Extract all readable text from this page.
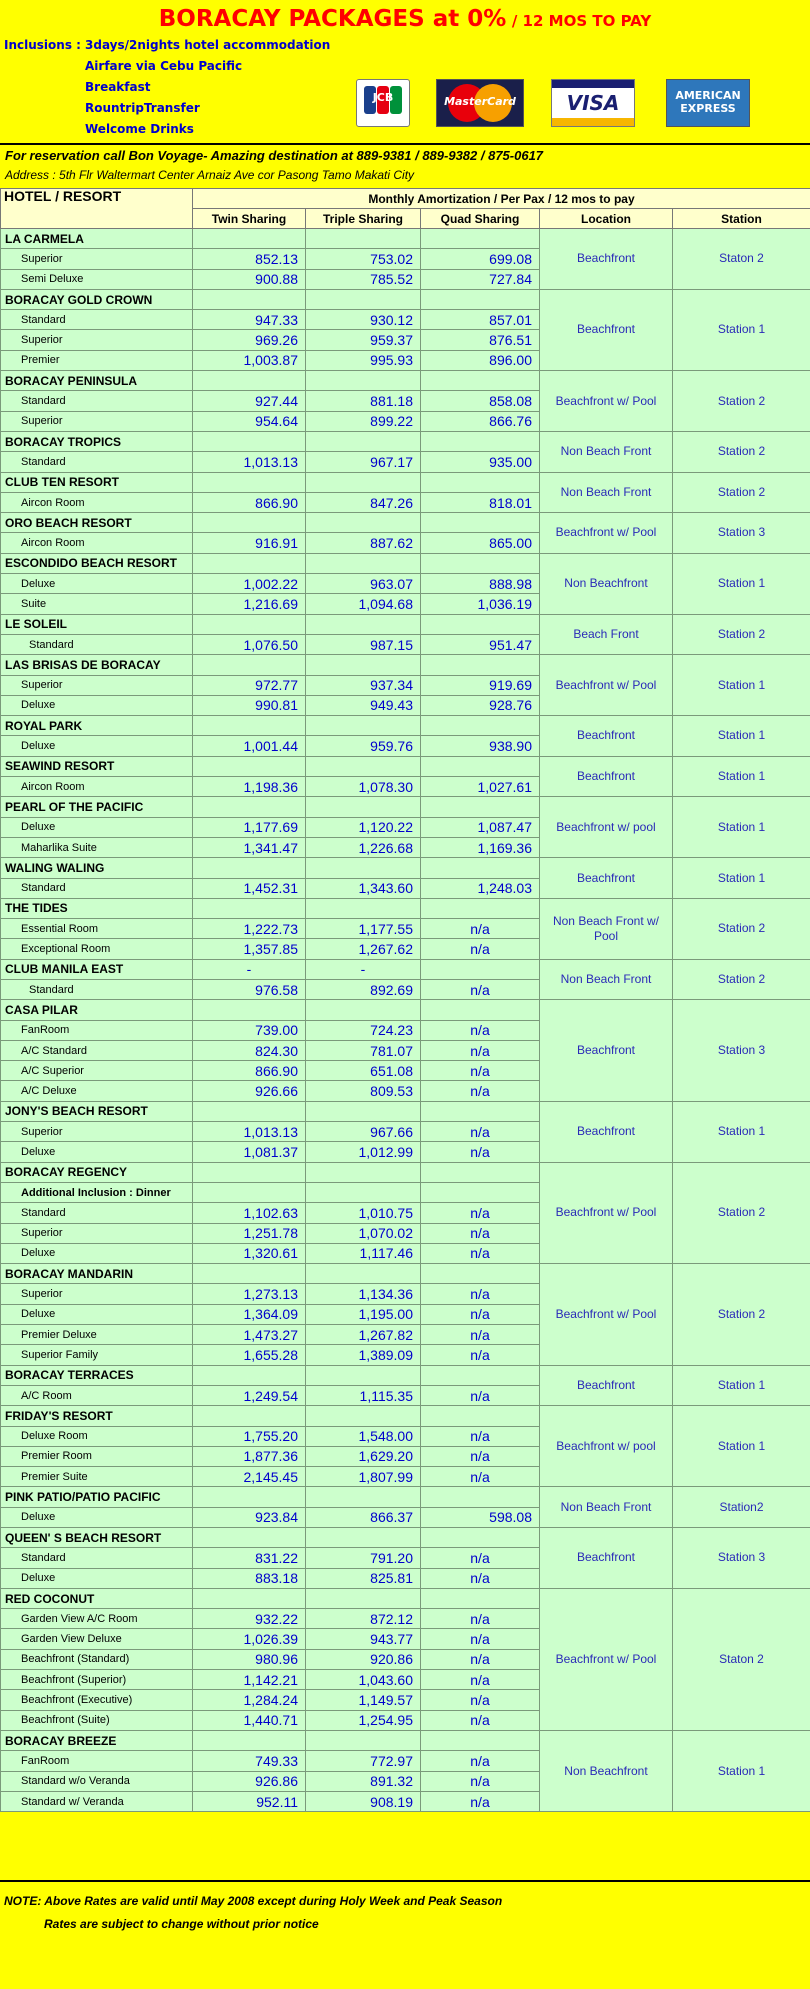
BORACAY PACKAGES at 0% / 12 MOS TO PAY
Inclusions : 3days/2nights hotel accommodation
Airfare via Cebu Pacific
Breakfast
RountripTransfer
Welcome Drinks
JCB	MasterCard	VISA	AMERICAN EXPRESS
For reservation call Bon Voyage- Amazing destination at 889-9381 / 889-9382 / 875-0617
Address : 5th Flr Waltermart Center Arnaiz Ave cor Pasong Tamo Makati City
HOTEL / RESORT	Monthly Amortization / Per Pax / 12 mos to pay				
	Twin Sharing	Triple Sharing	Quad Sharing	Location	Station
LA CARMELA				Beachfront	Staton 2
Superior	852.13	753.02	699.08		
Semi Deluxe	900.88	785.52	727.84		
BORACAY GOLD CROWN				Beachfront	Station 1
Standard	947.33	930.12	857.01		
Superior	969.26	959.37	876.51		
Premier	1,003.87	995.93	896.00		
BORACAY PENINSULA				Beachfront w/ Pool	Station 2
Standard	927.44	881.18	858.08		
Superior	954.64	899.22	866.76		
BORACAY TROPICS				Non Beach Front	Station 2
Standard	1,013.13	967.17	935.00		
CLUB TEN RESORT				Non Beach Front	Station 2
Aircon Room	866.90	847.26	818.01		
ORO BEACH RESORT				Beachfront w/ Pool	Station 3
Aircon Room	916.91	887.62	865.00		
ESCONDIDO BEACH RESORT				Non Beachfront	Station 1
Deluxe	1,002.22	963.07	888.98		
Suite	1,216.69	1,094.68	1,036.19		
LE SOLEIL				Beach Front	Station 2
Standard	1,076.50	987.15	951.47		
LAS BRISAS DE BORACAY				Beachfront w/ Pool	Station 1
Superior	972.77	937.34	919.69		
Deluxe	990.81	949.43	928.76		
ROYAL PARK				Beachfront	Station 1
Deluxe	1,001.44	959.76	938.90		
SEAWIND RESORT				Beachfront	Station 1
Aircon Room	1,198.36	1,078.30	1,027.61		
PEARL OF THE PACIFIC				Beachfront w/ pool	Station 1
Deluxe	1,177.69	1,120.22	1,087.47		
Maharlika Suite	1,341.47	1,226.68	1,169.36		
WALING WALING				Beachfront	Station 1
Standard	1,452.31	1,343.60	1,248.03		
THE TIDES				Non Beach Front w/ Pool	Station 2
Essential Room	1,222.73	1,177.55	n/a		
Exceptional Room	1,357.85	1,267.62	n/a		
CLUB MANILA EAST	-	-		Non Beach Front	Station 2
Standard	976.58	892.69	n/a		
CASA PILAR				Beachfront	Station 3
FanRoom	739.00	724.23	n/a		
A/C Standard	824.30	781.07	n/a		
A/C Superior	866.90	651.08	n/a		
A/C Deluxe	926.66	809.53	n/a		
JONY'S BEACH RESORT				Beachfront	Station 1
Superior	1,013.13	967.66	n/a		
Deluxe	1,081.37	1,012.99	n/a		
BORACAY REGENCY				Beachfront w/ Pool	Station 2
Additional Inclusion : Dinner					
Standard	1,102.63	1,010.75	n/a		
Superior	1,251.78	1,070.02	n/a		
Deluxe	1,320.61	1,117.46	n/a		
BORACAY MANDARIN				Beachfront w/ Pool	Station 2
Superior	1,273.13	1,134.36	n/a		
Deluxe	1,364.09	1,195.00	n/a		
Premier Deluxe	1,473.27	1,267.82	n/a		
Superior Family	1,655.28	1,389.09	n/a		
BORACAY TERRACES				Beachfront	Station 1
A/C Room	1,249.54	1,115.35	n/a		
FRIDAY'S RESORT				Beachfront w/ pool	Station 1
Deluxe Room	1,755.20	1,548.00	n/a		
Premier Room	1,877.36	1,629.20	n/a		
Premier Suite	2,145.45	1,807.99	n/a		
PINK PATIO/PATIO PACIFIC				Non Beach Front	Station2
Deluxe	923.84	866.37	598.08		
QUEEN' S BEACH RESORT				Beachfront	Station 3
Standard	831.22	791.20	n/a		
Deluxe	883.18	825.81	n/a		
RED COCONUT				Beachfront w/ Pool	Staton 2
Garden View A/C Room	932.22	872.12	n/a		
Garden View Deluxe	1,026.39	943.77	n/a		
Beachfront (Standard)	980.96	920.86	n/a		
Beachfront (Superior)	1,142.21	1,043.60	n/a		
Beachfront (Executive)	1,284.24	1,149.57	n/a		
Beachfront (Suite)	1,440.71	1,254.95	n/a		
BORACAY BREEZE				Non Beachfront	Station 1
FanRoom	749.33	772.97	n/a		
Standard w/o Veranda	926.86	891.32	n/a		
Standard w/ Veranda	952.11	908.19	n/a		
NOTE: Above Rates are valid until May 2008 except during Holy Week and Peak Season
Rates are subject to change without prior notice
